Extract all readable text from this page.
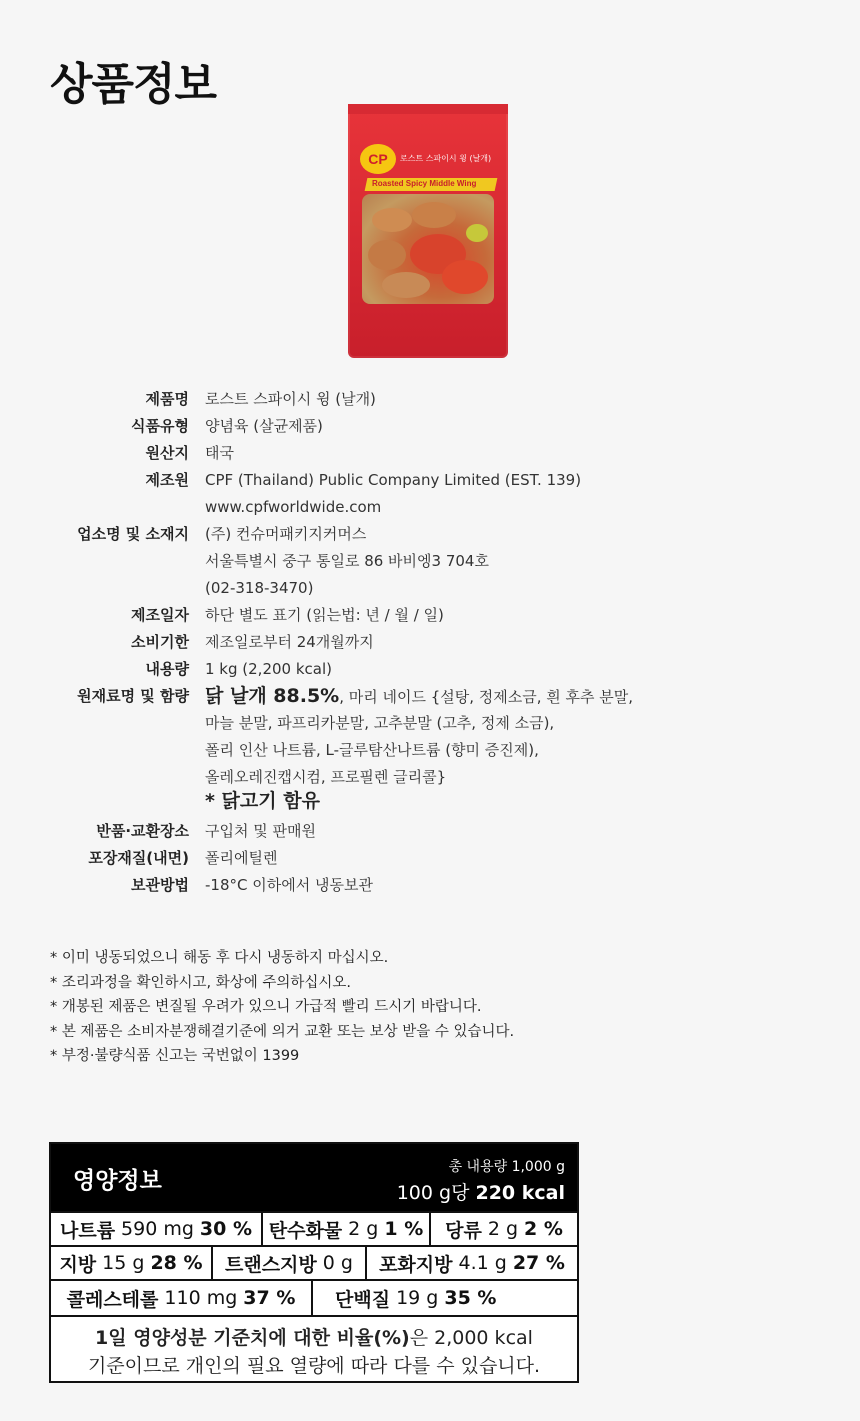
상품정보
CP	로스트 스파이시 윙 (날개)
Roasted Spicy Middle Wing
제품명 로스트 스파이시 윙 (날개)
식품유형 양념육 (살균제품)
원산지 태국
제조원 CPF (Thailand) Public Company Limited (EST. 139)
www.cpfworldwide.com
업소명 및 소재지 (주) 컨슈머패키지커머스
서울특별시 중구 통일로 86 바비엥3 704호
(02-318-3470)
제조일자 하단 별도 표기 (읽는법: 년 / 월 / 일)
소비기한 제조일로부터 24개월까지
내용량 1 kg (2,200 kcal)
원재료명 및 함량 닭 날개 88.5%, 마리 네이드 {설탕, 정제소금, 흰 후추 분말,
마늘 분말, 파프리카분말, 고추분말 (고추, 정제 소금),
폴리 인산 나트륨, L-글루탐산나트륨 (향미 증진제),
올레오레진캡시컴, 프로필렌 글리콜}
* 닭고기 함유
반품·교환장소 구입처 및 판매원
포장재질(내면) 폴리에틸렌
보관방법 -18°C 이하에서 냉동보관
* 이미 냉동되었으니 해동 후 다시 냉동하지 마십시오.
* 조리과정을 확인하시고, 화상에 주의하십시오.
* 개봉된 제품은 변질될 우려가 있으니 가급적 빨리 드시기 바랍니다.
* 본 제품은 소비자분쟁해결기준에 의거 교환 또는 보상 받을 수 있습니다.
* 부정·불량식품 신고는 국번없이 1399
영양정보
총 내용량 1,000 g
100 g당 220 kcal
나트륨 590 mg 30 % 탄수화물 2 g 1 % 당류 2 g 2 %
지방 15 g 28 % 트랜스지방 0 g 포화지방 4.1 g 27 %
콜레스테롤 110 mg 37 % 단백질 19 g 35 %
1일 영양성분 기준치에 대한 비율(%)은 2,000 kcal
기준이므로 개인의 필요 열량에 따라 다를 수 있습니다.
